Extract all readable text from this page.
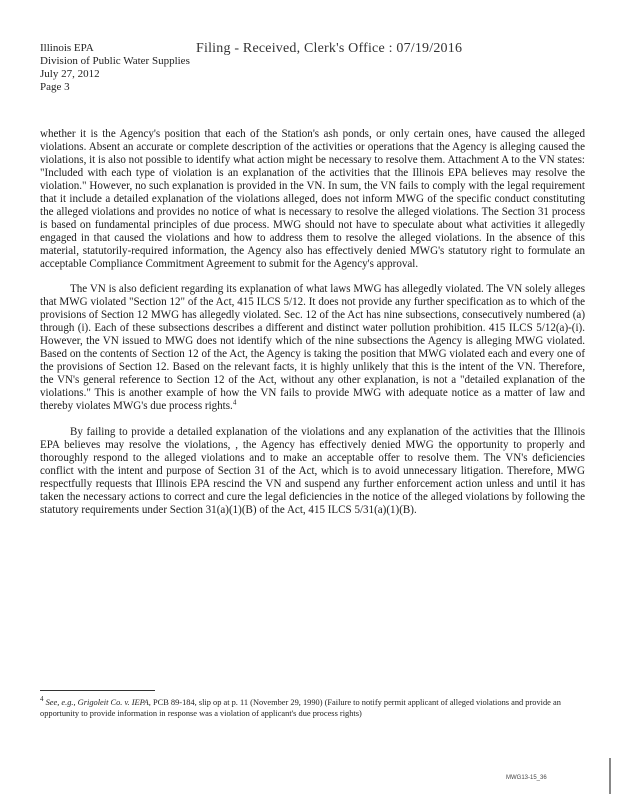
Filing - Received, Clerk's Office : 07/19/2016
Illinois EPA
Division of Public Water Supplies
July 27, 2012
Page 3

whether it is the Agency's position that each of the Station's ash ponds, or only certain ones, have caused the alleged violations. Absent an accurate or complete description of the activities or operations that the Agency is alleging caused the violations, it is also not possible to identify what action might be necessary to resolve them. Attachment A to the VN states: "Included with each type of violation is an explanation of the activities that the Illinois EPA believes may resolve the violation." However, no such explanation is provided in the VN. In sum, the VN fails to comply with the legal requirement that it include a detailed explanation of the violations alleged, does not inform MWG of the specific conduct constituting the alleged violations and provides no notice of what is necessary to resolve the alleged violations. The Section 31 process is based on fundamental principles of due process. MWG should not have to speculate about what activities it allegedly engaged in that caused the violations and how to address them to resolve the alleged violations. In the absence of this material, statutorily-required information, the Agency also has effectively denied MWG's statutory right to formulate an acceptable Compliance Commitment Agreement to submit for the Agency's approval.

The VN is also deficient regarding its explanation of what laws MWG has allegedly violated. The VN solely alleges that MWG violated "Section 12" of the Act, 415 ILCS 5/12. It does not provide any further specification as to which of the provisions of Section 12 MWG has allegedly violated. Sec. 12 of the Act has nine subsections, consecutively numbered (a) through (i). Each of these subsections describes a different and distinct water pollution prohibition. 415 ILCS 5/12(a)-(i). However, the VN issued to MWG does not identify which of the nine subsections the Agency is alleging MWG violated. Based on the contents of Section 12 of the Act, the Agency is taking the position that MWG violated each and every one of the provisions of Section 12. Based on the relevant facts, it is highly unlikely that this is the intent of the VN. Therefore, the VN's general reference to Section 12 of the Act, without any other explanation, is not a "detailed explanation of the violations." This is another example of how the VN fails to provide MWG with adequate notice as a matter of law and thereby violates MWG's due process rights.$^4$

By failing to provide a detailed explanation of the violations and any explanation of the activities that the Illinois EPA believes may resolve the violations, , the Agency has effectively denied MWG the opportunity to properly and thoroughly respond to the alleged violations and to make an acceptable offer to resolve them. The VN's deficiencies conflict with the intent and purpose of Section 31 of the Act, which is to avoid unnecessary litigation. Therefore, MWG respectfully requests that Illinois EPA rescind the VN and suspend any further enforcement action unless and until it has taken the necessary actions to correct and cure the legal deficiencies in the notice of the alleged violations by following the statutory requirements under Section 31(a)(1)(B) of the Act, 415 ILCS 5/31(a)(1)(B).

$^4$ See, e.g., Grigoleit Co. v. IEPA, PCB 89-184, slip op at p. 11 (November 29, 1990) (Failure to notify permit applicant of alleged violations and provide an opportunity to provide information in response was a violation of applicant's due process rights)
MWG13-15_36
